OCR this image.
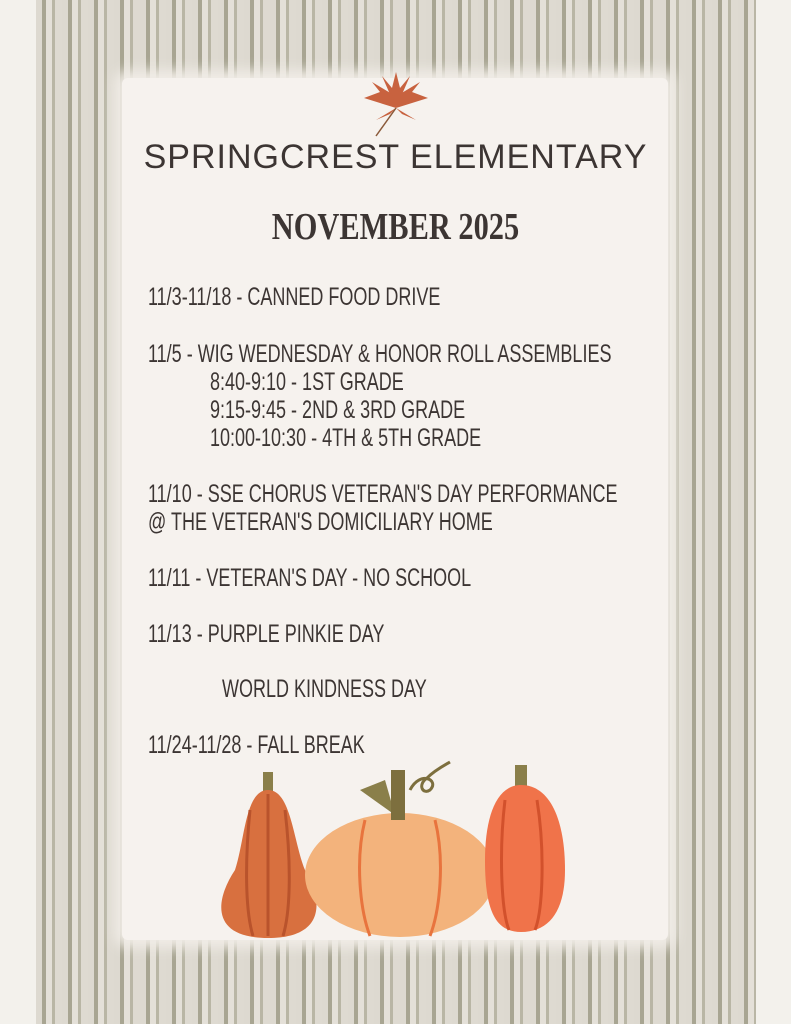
SPRINGCREST ELEMENTARY
NOVEMBER 2025
11/3-11/18 - CANNED FOOD DRIVE
11/5 - WIG WEDNESDAY & HONOR ROLL ASSEMBLIES
8:40-9:10 - 1ST GRADE
9:15-9:45 - 2ND & 3RD GRADE
10:00-10:30 - 4TH & 5TH GRADE
11/10 - SSE CHORUS VETERAN'S DAY PERFORMANCE
@ THE VETERAN'S DOMICILIARY HOME
11/11 - VETERAN'S DAY - NO SCHOOL
11/13 - PURPLE PINKIE DAY
WORLD KINDNESS DAY
11/24-11/28 - FALL BREAK
